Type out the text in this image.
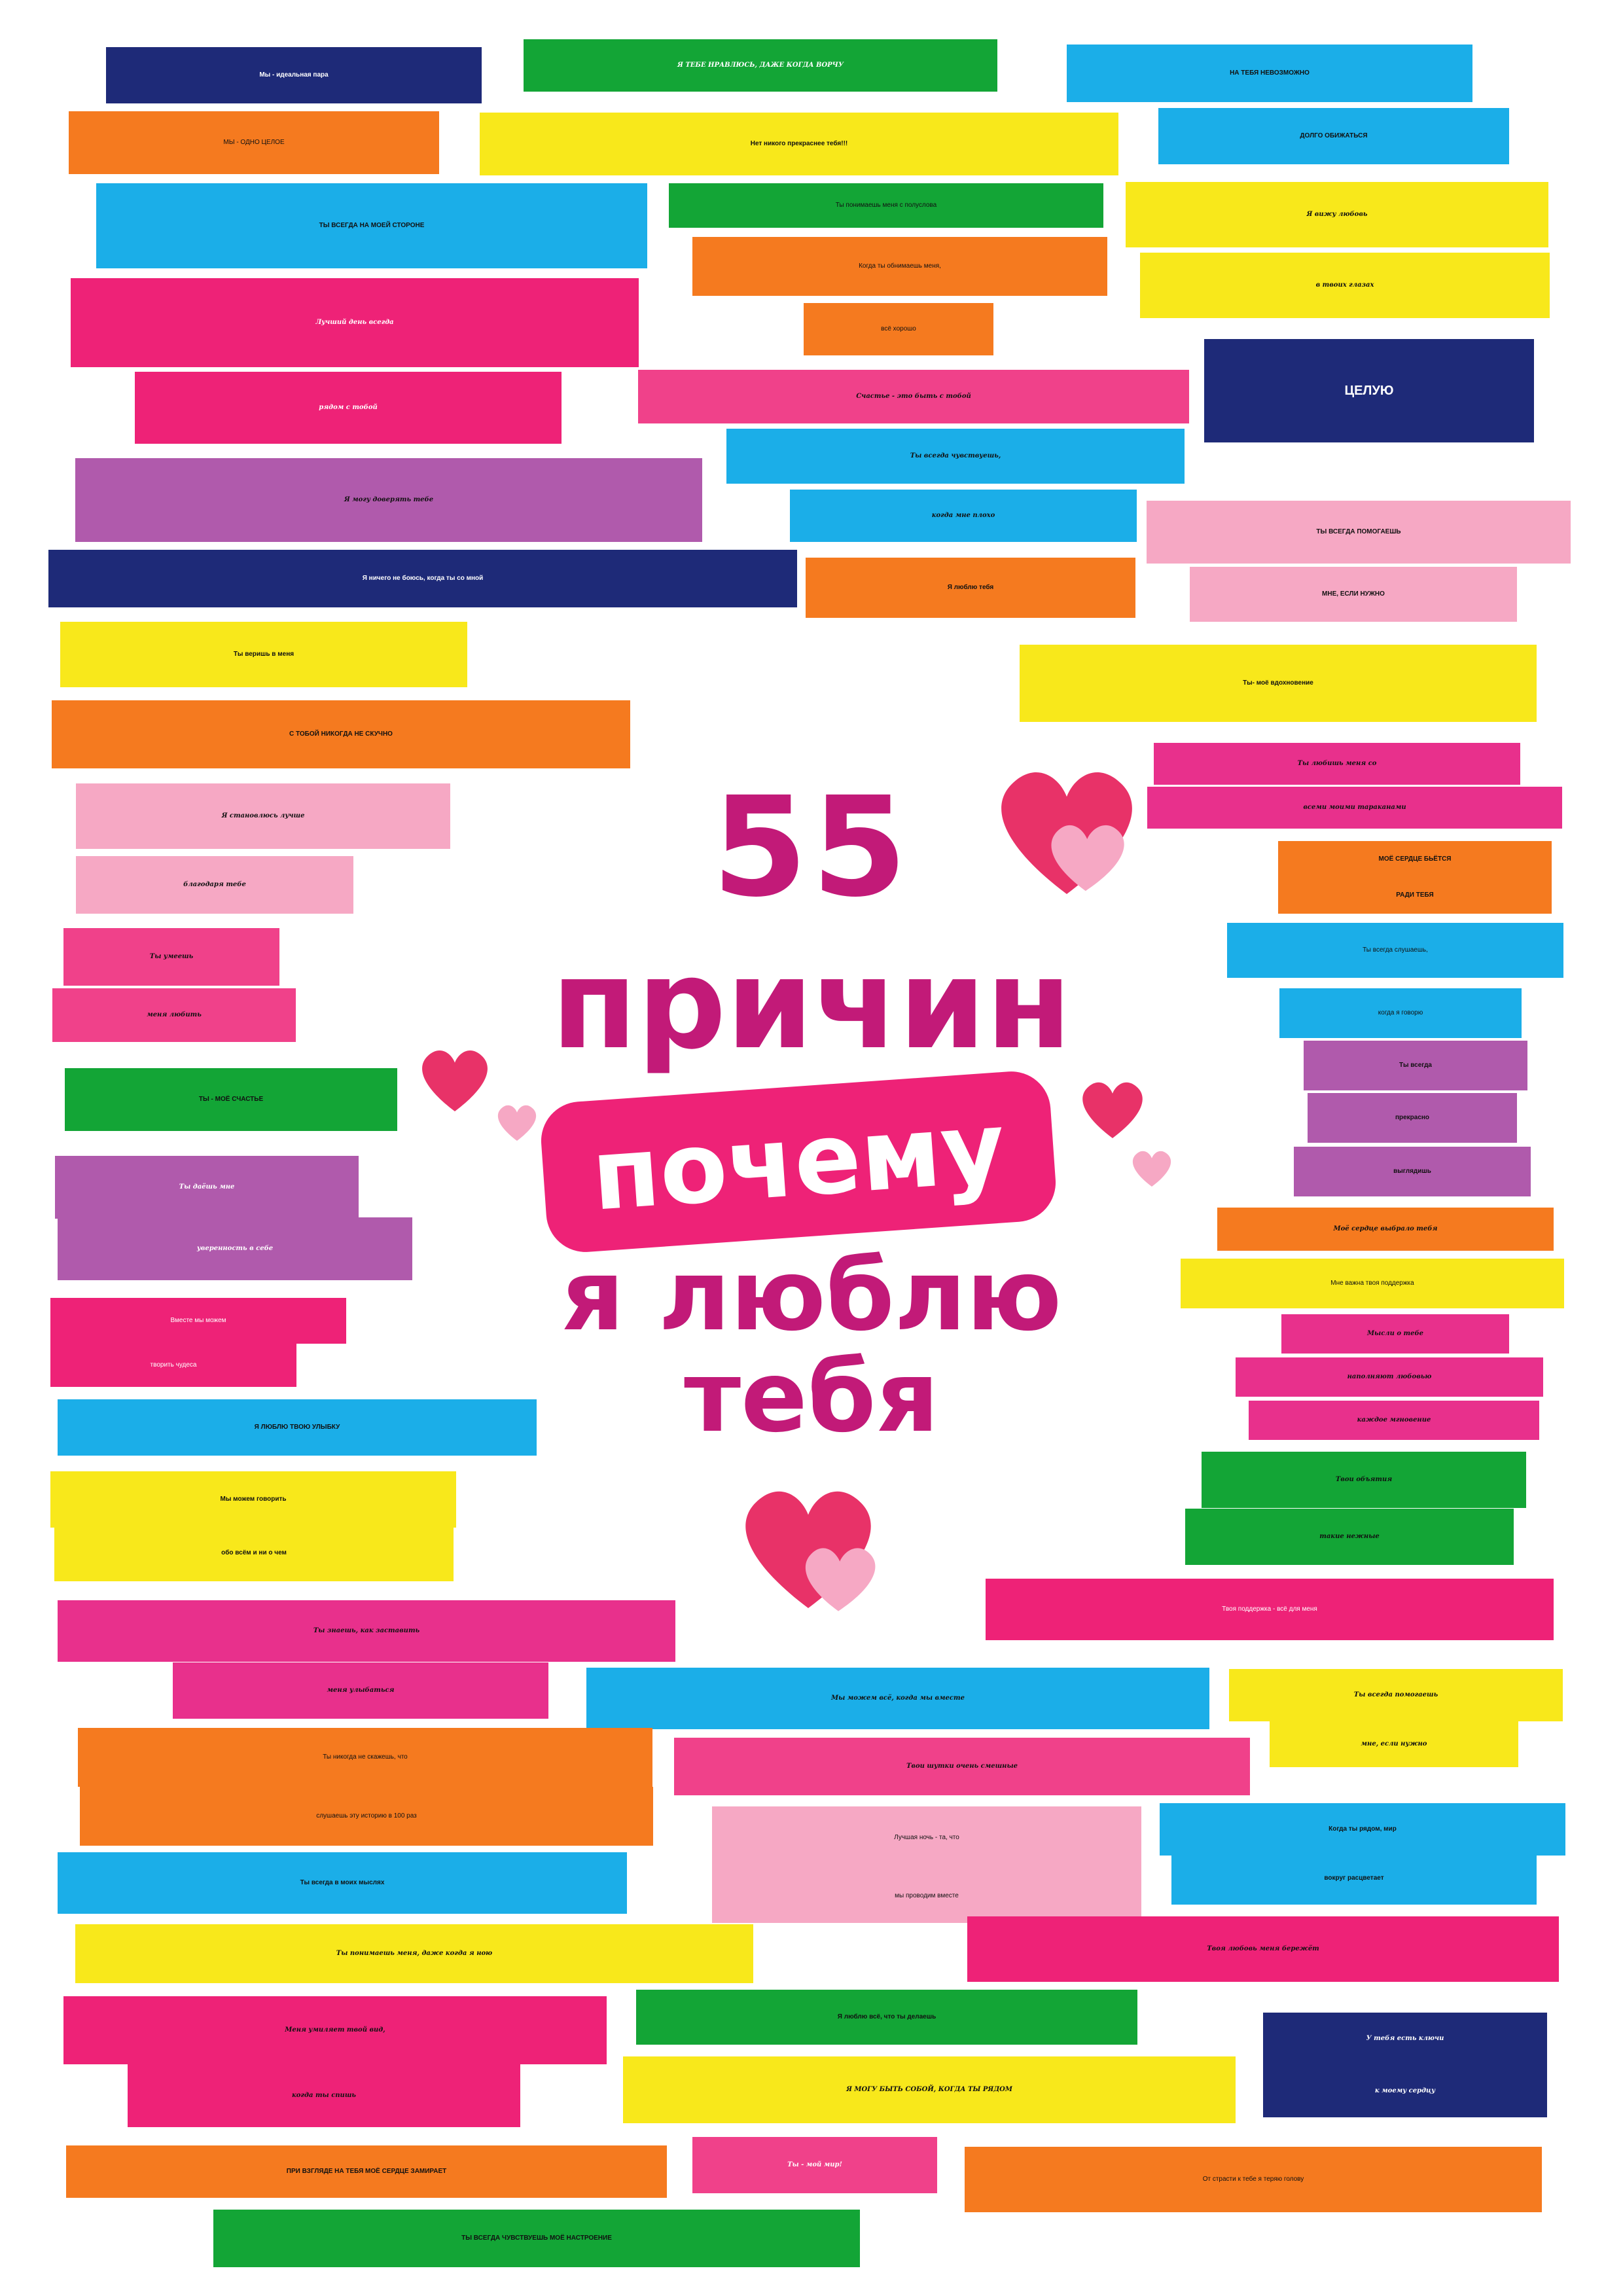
55
причин
почему
я люблю
тебя
Мы - идеальная пара
Я ТЕБЕ НРАВЛЮСЬ, ДАЖЕ КОГДА ВОРЧУ
НА ТЕБЯ НЕВОЗМОЖНО
МЫ - ОДНО ЦЕЛОЕ	Нет никого прекраснее тебя!!!
ДОЛГО ОБИЖАТЬСЯ
ТЫ ВСЕГДА НА МОЕЙ СТОРОНЕ
Ты понимаешь меня с полуслова
Я вижу любовь
Когда ты обнимаешь меня,
в твоих глазах
Лучший день всегда
всё хорошо
ЦЕЛУЮ
рядом с тобой
Счастье - это быть с тобой
Ты всегда чувствуешь,
Я могу доверять тебе
когда мне плохо
ТЫ ВСЕГДА ПОМОГАЕШЬ
Я ничего не боюсь, когда ты со мной
Я люблю тебя
МНЕ, ЕСЛИ НУЖНО
Ты веришь в меня
Ты- моё вдохновение
С ТОБОЙ НИКОГДА НЕ СКУЧНО
Ты любишь меня со
Я становлюсь лучше
всеми моими тараканами
МОЁ СЕРДЦЕ БЬЁТСЯ
РАДИ ТЕБЯ
благодаря тебе
Ты всегда слушаешь,
Ты умеешь
когда я говорю
меня любить
Ты всегда
ТЫ - МОЁ СЧАСТЬЕ
прекрасно
выглядишь
Ты даёшь мне
Моё сердце выбрало тебя
уверенность в себе
Мне важна твоя поддержка
Вместе мы можем
Мысли о тебе
творить чудеса
наполняют любовью
каждое мгновение
Я ЛЮБЛЮ ТВОЮ УЛЫБКУ
Твои объятия
Мы можем говорить
такие нежные
обо всём и ни о чем
Твоя поддержка - всё для меня
Ты знаешь, как заставить
меня улыбаться
Мы можем всё, когда мы вместе	Ты всегда помогаешь
мне, если нужно
Ты никогда не скажешь, что
Твои шутки очень смешные
слушаешь эту историю в 100 раз
Лучшая ночь - та, что
Когда ты рядом, мир
мы проводим вместе
вокруг расцветает
Ты всегда в моих мыслях
Ты понимаешь меня, даже когда я ною
Твоя любовь меня бережёт
Меня умиляет твой вид,
Я люблю всё, что ты делаешь
У тебя есть ключи
когда ты спишь
Я МОГУ БЫТЬ СОБОЙ, КОГДА ТЫ РЯДОМ	к моему сердцу
ПРИ ВЗГЛЯДЕ НА ТЕБЯ МОЁ СЕРДЦЕ ЗАМИРАЕТ
Ты - мой мир!
От страсти к тебе я теряю голову
ТЫ ВСЕГДА ЧУВСТВУЕШЬ МОЁ НАСТРОЕНИЕ
